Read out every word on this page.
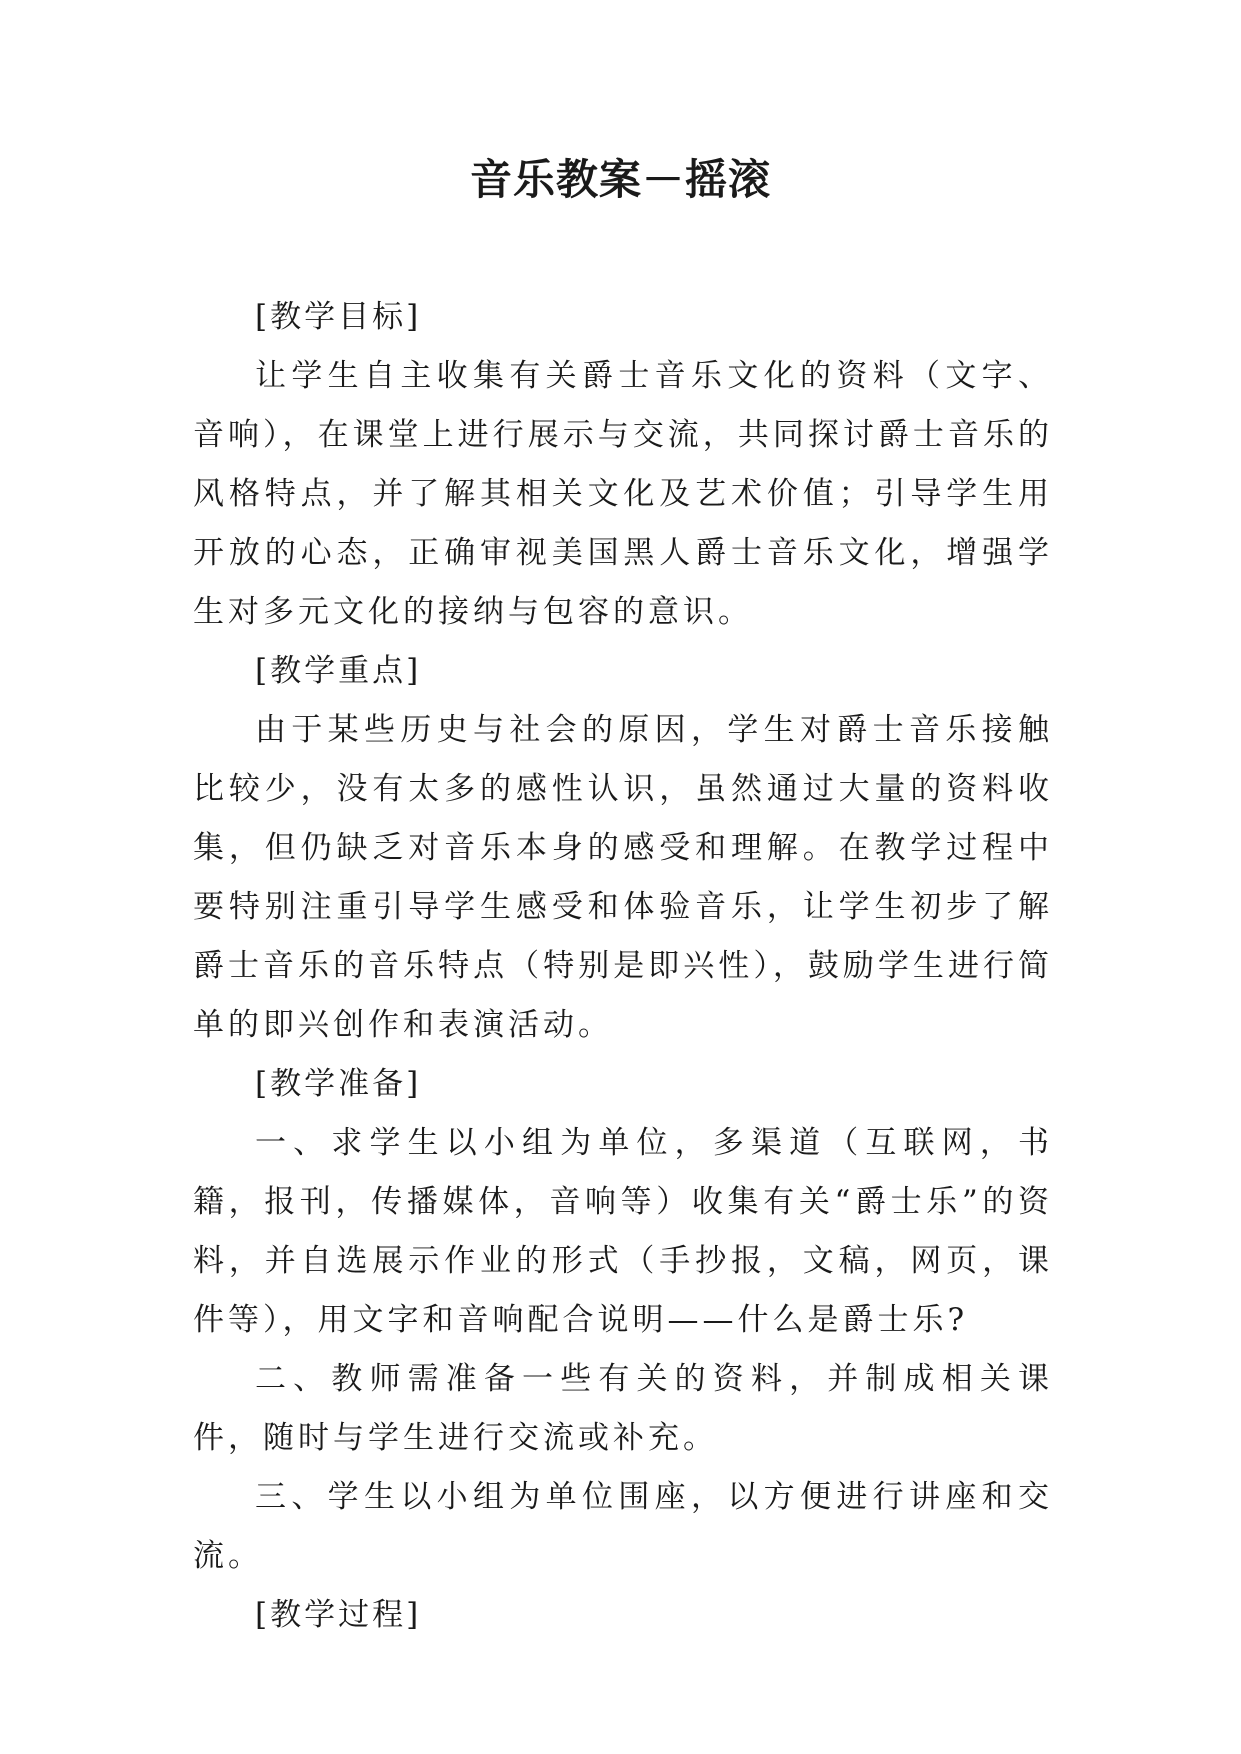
音乐教案－摇滚

[教学目标]

让学生自主收集有关爵士音乐文化的资料（文字、音响），在课堂上进行展示与交流，共同探讨爵士音乐的风格特点，并了解其相关文化及艺术价值；引导学生用开放的心态，正确审视美国黑人爵士音乐文化，增强学生对多元文化的接纳与包容的意识。

[教学重点]

由于某些历史与社会的原因，学生对爵士音乐接触比较少，没有太多的感性认识，虽然通过大量的资料收集，但仍缺乏对音乐本身的感受和理解。在教学过程中要特别注重引导学生感受和体验音乐，让学生初步了解爵士音乐的音乐特点（特别是即兴性），鼓励学生进行简单的即兴创作和表演活动。

[教学准备]

一、求学生以小组为单位，多渠道（互联网，书籍，报刊，传播媒体，音响等）收集有关“爵士乐”的资料，并自选展示作业的形式（手抄报，文稿，网页，课件等），用文字和音响配合说明——什么是爵士乐?

二、教师需准备一些有关的资料，并制成相关课件，随时与学生进行交流或补充。

三、学生以小组为单位围座，以方便进行讲座和交流。

[教学过程]
